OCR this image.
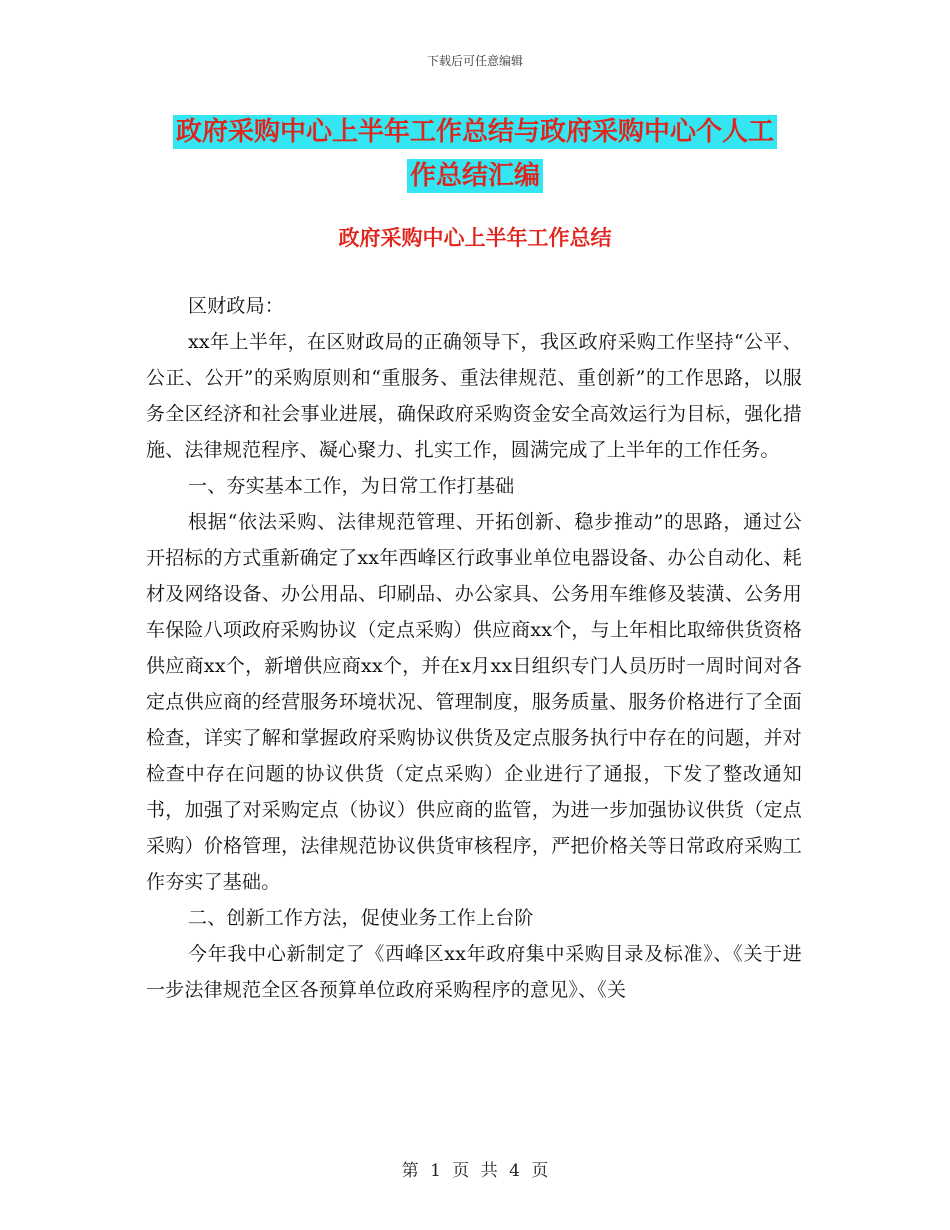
下载后可任意编辑
政府采购中心上半年工作总结与政府采购中心个人工
作总结汇编
政府采购中心上半年工作总结

区财政局：

xx年上半年，在区财政局的正确领导下，我区政府采购工作坚持“公平、公正、公开”的采购原则和“重服务、重法律规范、重创新”的工作思路，以服务全区经济和社会事业进展，确保政府采购资金安全高效运行为目标，强化措施、法律规范程序、凝心聚力、扎实工作，圆满完成了上半年的工作任务。

一、夯实基本工作，为日常工作打基础

根据“依法采购、法律规范管理、开拓创新、稳步推动”的思路，通过公开招标的方式重新确定了xx年西峰区行政事业单位电器设备、办公自动化、耗材及网络设备、办公用品、印刷品、办公家具、公务用车维修及装潢、公务用车保险八项政府采购协议（定点采购）供应商xx个，与上年相比取缔供货资格供应商xx个，新增供应商xx个，并在x月xx日组织专门人员历时一周时间对各定点供应商的经营服务环境状况、管理制度，服务质量、服务价格进行了全面检查，详实了解和掌握政府采购协议供货及定点服务执行中存在的问题，并对检查中存在问题的协议供货（定点采购）企业进行了通报，下发了整改通知书，加强了对采购定点（协议）供应商的监管，为进一步加强协议供货（定点采购）价格管理，法律规范协议供货审核程序，严把价格关等日常政府采购工作夯实了基础。

二、创新工作方法，促使业务工作上台阶

今年我中心新制定了《西峰区xx年政府集中采购目录及标准》、《关于进一步法律规范全区各预算单位政府采购程序的意见》、《关

第 1 页 共 4 页
